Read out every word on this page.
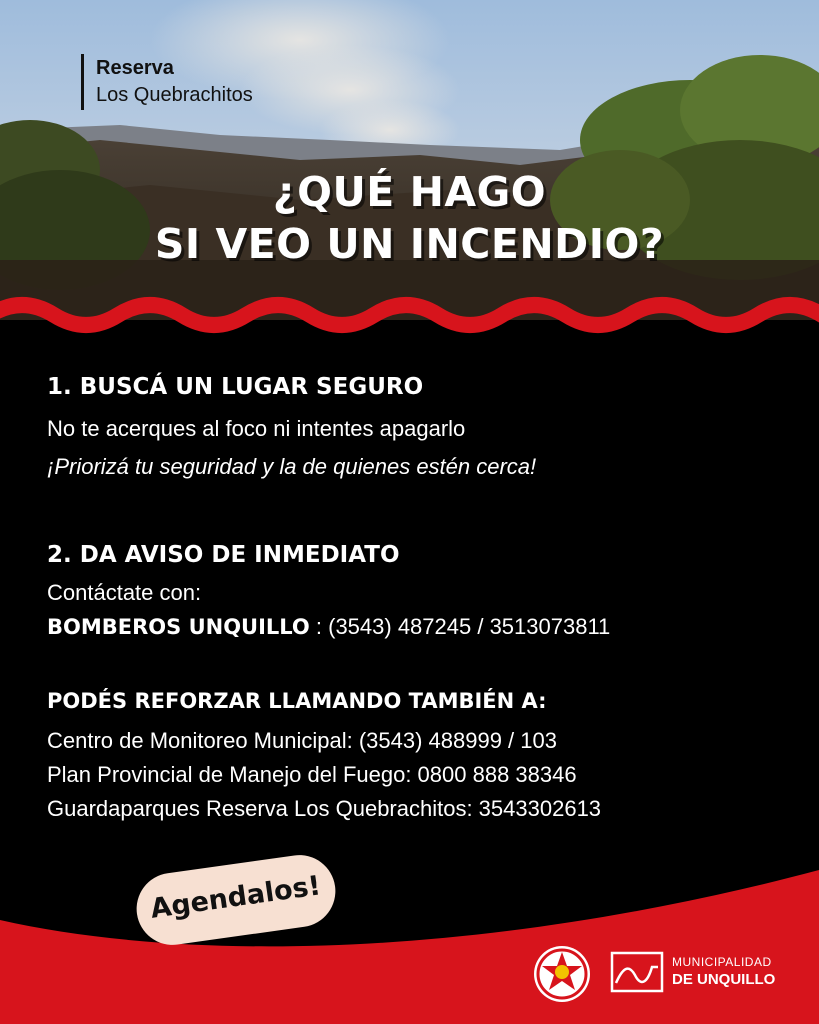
Reserva
Los Quebrachitos
¿QUÉ HAGO
SI VEO UN INCENDIO?
1. BUSCÁ UN LUGAR SEGURO
No te acerques al foco ni intentes apagarlo
¡Priorizá tu seguridad y la de quienes estén cerca!
2. DA AVISO DE INMEDIATO
Contáctate con:
BOMBEROS UNQUILLO : (3543) 487245 / 3513073811
PODÉS REFORZAR LLAMANDO TAMBIÉN A:
Centro de Monitoreo Municipal: (3543) 488999 / 103
Plan Provincial de Manejo del Fuego: 0800 888 38346
Guardaparques Reserva Los Quebrachitos: 3543302613
Agendalos!
MUNICIPALIDAD
DE UNQUILLO
